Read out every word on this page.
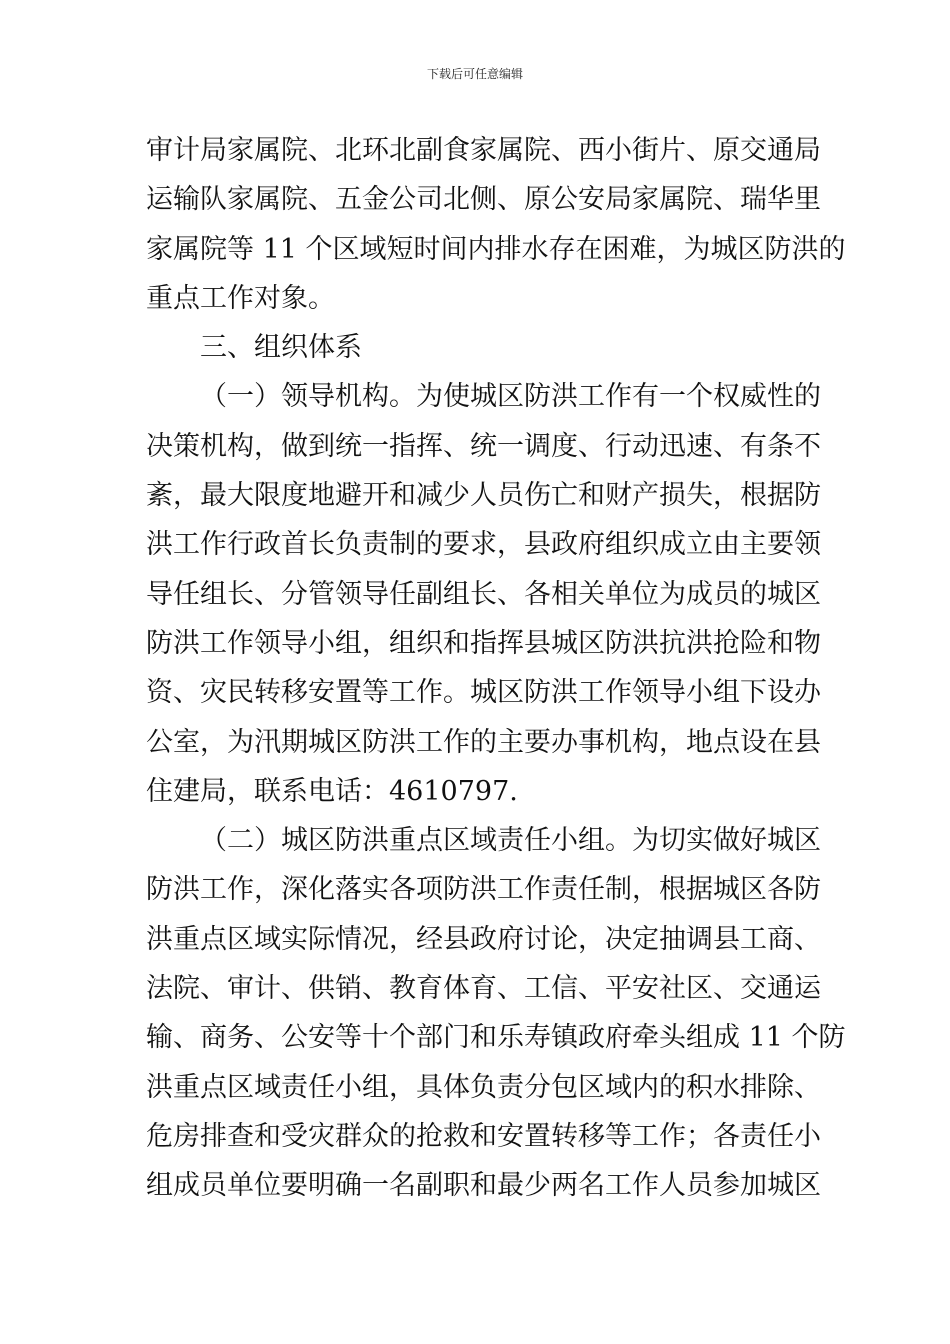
下载后可任意编辑
审计局家属院、北环北副食家属院、西小街片、原交通局
运输队家属院、五金公司北侧、原公安局家属院、瑞华里
家属院等 11 个区域短时间内排水存在困难，为城区防洪的
重点工作对象。
三、组织体系
（一）领导机构。为使城区防洪工作有一个权威性的
决策机构，做到统一指挥、统一调度、行动迅速、有条不
紊，最大限度地避开和减少人员伤亡和财产损失，根据防
洪工作行政首长负责制的要求，县政府组织成立由主要领
导任组长、分管领导任副组长、各相关单位为成员的城区
防洪工作领导小组，组织和指挥县城区防洪抗洪抢险和物
资、灾民转移安置等工作。城区防洪工作领导小组下设办
公室，为汛期城区防洪工作的主要办事机构，地点设在县
住建局，联系电话：4610797.
（二）城区防洪重点区域责任小组。为切实做好城区
防洪工作，深化落实各项防洪工作责任制，根据城区各防
洪重点区域实际情况，经县政府讨论，决定抽调县工商、
法院、审计、供销、教育体育、工信、平安社区、交通运
输、商务、公安等十个部门和乐寿镇政府牵头组成 11 个防
洪重点区域责任小组，具体负责分包区域内的积水排除、
危房排查和受灾群众的抢救和安置转移等工作；各责任小
组成员单位要明确一名副职和最少两名工作人员参加城区
